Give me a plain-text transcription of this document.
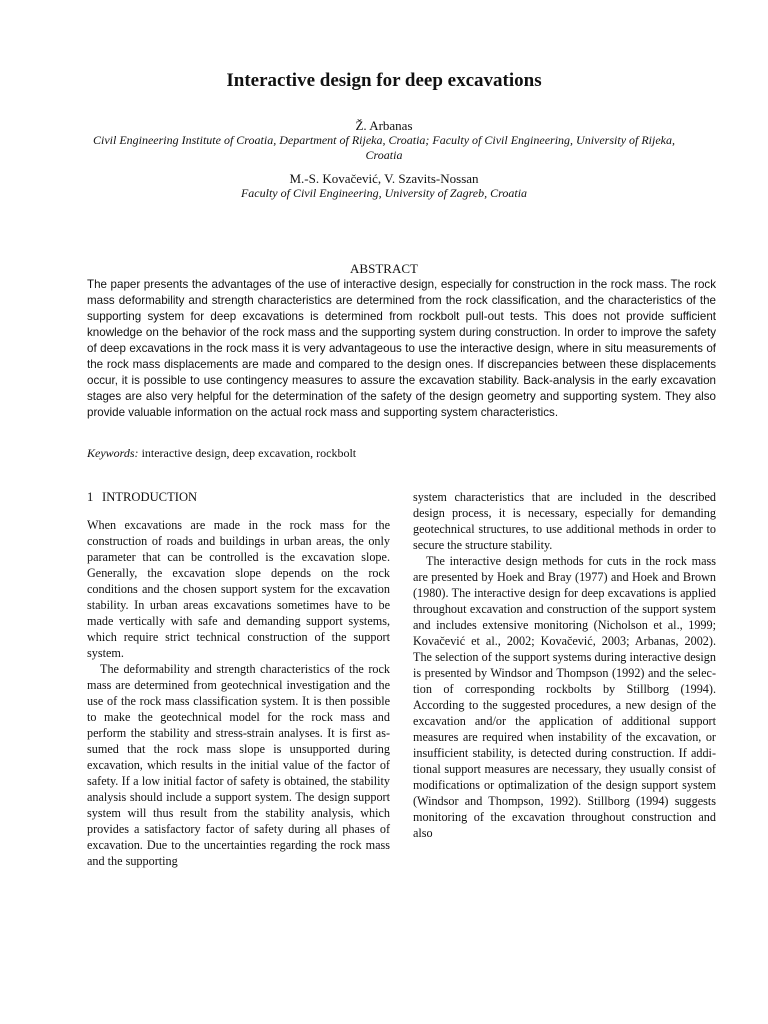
Interactive design for deep excavations
Ž. Arbanas
Civil Engineering Institute of Croatia, Department of Rijeka, Croatia; Faculty of Civil Engineering, University of Rijeka, Croatia
M.-S. Kovačević, V. Szavits-Nossan
Faculty of Civil Engineering, University of Zagreb, Croatia
ABSTRACT

The paper presents the advantages of the use of interactive design, especially for construction in the rock mass. The rock mass deformability and strength characteristics are determined from the rock classification, and the characteristics of the supporting system for deep excavations is determined from rockbolt pull-out tests. This does not provide sufficient knowledge on the behavior of the rock mass and the supporting system during construction. In order to improve the safety of deep excavations in the rock mass it is very advantageous to use the interactive design, where in situ measurements of the rock mass displacements are made and compared to the design ones. If discrepancies between these displacements occur, it is possible to use contingency measures to assure the excavation stability. Back-analysis in the early excavation stages are also very helpful for the determination of the safety of the design geometry and supporting system. They also provide valuable information on the actual rock mass and supporting system characteristics.

Keywords: interactive design, deep excavation, rockbolt
1 INTRODUCTION

When excavations are made in the rock mass for the construction of roads and buildings in urban areas, the only parameter that can be controlled is the excavation slope. Generally, the excavation slope depends on the rock conditions and the chosen support system for the excavation stability. In urban areas excavations sometimes have to be made vertically with safe and demanding support systems, which require strict technical construction of the support system.

The deformability and strength characteristics of the rock mass are determined from geotechnical investigation and the use of the rock mass classification system. It is then possible to make the geotechnical model for the rock mass and perform the stability and stress-strain analyses. It is first assumed that the rock mass slope is unsupported during excavation, which results in the initial value of the factor of safety. If a low initial factor of safety is obtained, the stability analysis should include a support system. The design support system will thus result from the stability analysis, which provides a satisfactory factor of safety during all phases of excavation. Due to the uncertainties regarding the rock mass and the supporting

system characteristics that are included in the described design process, it is necessary, especially for demanding geotechnical structures, to use additional methods in order to secure the structure stability.

The interactive design methods for cuts in the rock mass are presented by Hoek and Bray (1977) and Hoek and Brown (1980). The interactive design for deep excavations is applied throughout excavation and construction of the support system and includes extensive monitoring (Nicholson et al., 1999; Kovačević et al., 2002; Kovačević, 2003; Arbanas, 2002). The selection of the support systems during interactive design is presented by Windsor and Thompson (1992) and the selection of corresponding rockbolts by Stillborg (1994). According to the suggested procedures, a new design of the excavation and/or the application of additional support measures are required when instability of the excavation, or insufficient stability, is detected during construction. If additional support measures are necessary, they usually consist of modifications or optimalization of the design support system (Windsor and Thompson, 1992). Stillborg (1994) suggests monitoring of the excavation throughout construction and also
